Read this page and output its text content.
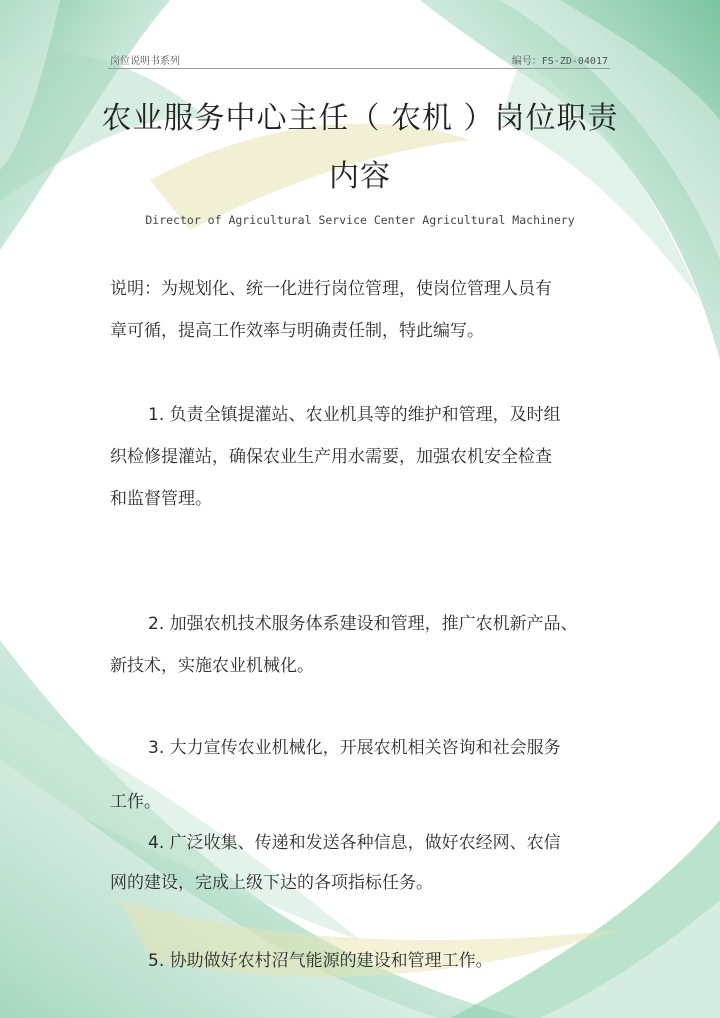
岗位说明书系列	编号：FS-ZD-04017
农业服务中心主任（ 农机 ）岗位职责
内容
Director of Agricultural Service Center Agricultural Machinery
说明：为规划化、统一化进行岗位管理，使岗位管理人员有
章可循，提高工作效率与明确责任制，特此编写。
1. 负责全镇提灌站、农业机具等的维护和管理，及时组
织检修提灌站，确保农业生产用水需要，加强农机安全检查
和监督管理。
2. 加强农机技术服务体系建设和管理，推广农机新产品、
新技术，实施农业机械化。
3. 大力宣传农业机械化，开展农机相关咨询和社会服务
工作。
4. 广泛收集、传递和发送各种信息，做好农经网、农信
网的建设，完成上级下达的各项指标任务。
5. 协助做好农村沼气能源的建设和管理工作。
